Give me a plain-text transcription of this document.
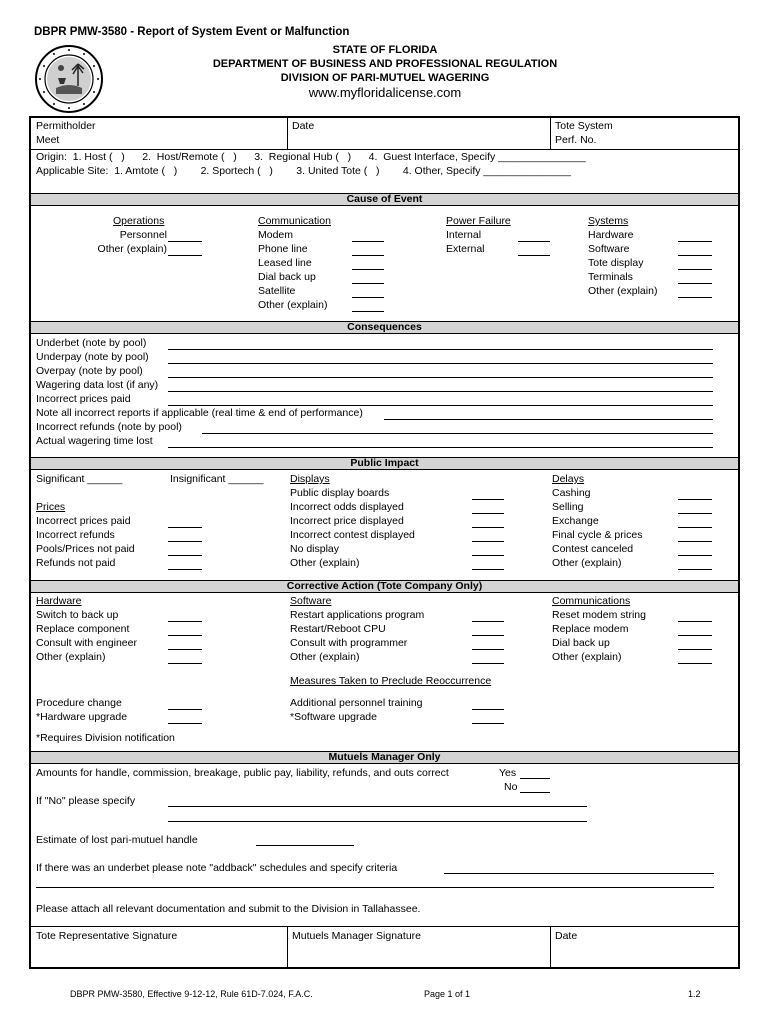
DBPR PMW-3580 - Report of System Event or Malfunction
STATE OF FLORIDA
DEPARTMENT OF BUSINESS AND PROFESSIONAL REGULATION
DIVISION OF PARI-MUTUEL WAGERING
www.myfloridalicense.com
Permitholder
Meet
Date	Tote System
Perf. No.
Origin:  1. Host (   )      2.  Host/Remote (   )      3.  Regional Hub (   )      4.  Guest Interface, Specify _______________
Applicable Site:  1. Amtote (   )        2. Sportech (   )        3. United Tote (   )        4. Other, Specify _______________
Cause of Event
Operations
Personnel
Other (explain)
Communication
Modem
Phone line
Leased line
Dial back up
Satellite
Other (explain)
Power Failure
Internal
External
Systems
Hardware
Software
Tote display
Terminals
Other (explain)
Consequences
Underbet (note by pool)
Underpay (note by pool)
Overpay (note by pool)
Wagering data lost (if any)
Incorrect prices paid
Note all incorrect reports if applicable (real time & end of performance)
Incorrect refunds (note by pool)
Actual wagering time lost
Public Impact
Significant ______	Insignificant ______
Prices
Incorrect prices paid
Incorrect refunds
Pools/Prices not paid
Refunds not paid
Displays
Public display boards
Incorrect odds displayed
Incorrect price displayed
Incorrect contest displayed
No display
Other (explain)
Delays
Cashing
Selling
Exchange
Final cycle & prices
Contest canceled
Other (explain)
Corrective Action (Tote Company Only)
Hardware
Switch to back up
Replace component
Consult with engineer
Other (explain)
Software
Restart applications program
Restart/Reboot CPU
Consult with programmer
Other (explain)
Communications
Reset modem string
Replace modem
Dial back up
Other (explain)
Measures Taken to Preclude Reoccurrence
Procedure change
*Hardware upgrade
Additional personnel training
*Software upgrade
*Requires Division notification
Mutuels Manager Only
Amounts for handle, commission, breakage, public pay, liability, refunds, and outs correct	Yes
No
If "No" please specify
Estimate of lost pari-mutuel handle
If there was an underbet please note "addback" schedules and specify criteria
Please attach all relevant documentation and submit to the Division in Tallahassee.
Tote Representative Signature	Mutuels Manager Signature	Date
DBPR PMW-3580, Effective 9-12-12, Rule 61D-7.024, F.A.C.	Page 1 of 1	1.2
